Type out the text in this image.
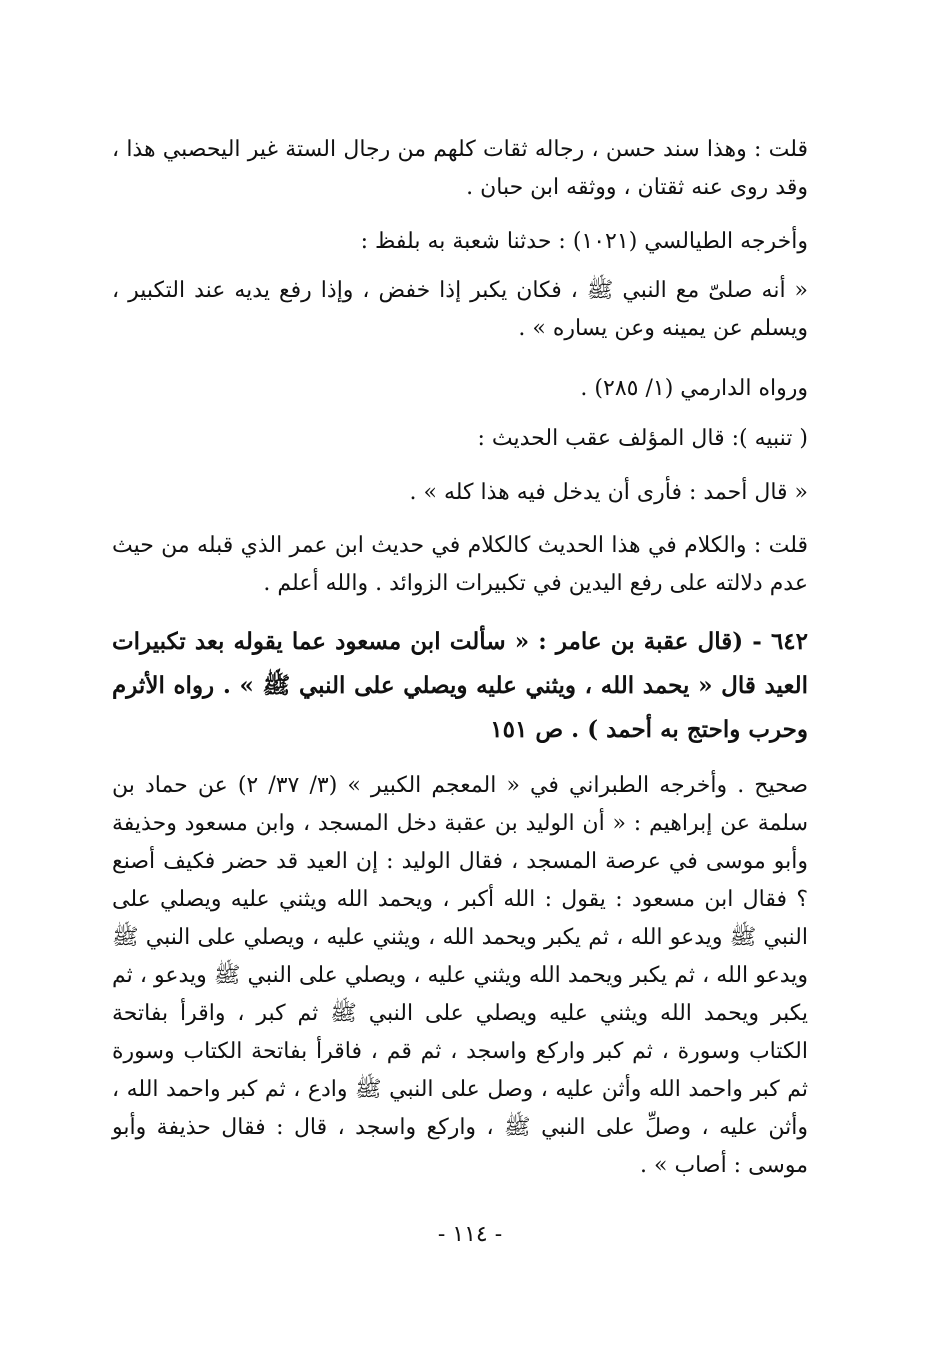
قلت : وهذا سند حسن ، رجاله ثقات كلهم من رجال الستة غير اليحصبي هذا ، وقد روى عنه ثقتان ، ووثقه ابن حبان .

وأخرجه الطيالسي (١٠٢١) : حدثنا شعبة به بلفظ :

« أنه صلىّ مع النبي ﷺ ، فكان يكبر إذا خفض ، وإذا رفع يديه عند التكبير ، ويسلم عن يمينه وعن يساره » .

ورواه الدارمي (١/ ٢٨٥) .

( تنبيه ): قال المؤلف عقب الحديث :

« قال أحمد : فأرى أن يدخل فيه هذا كله » .

قلت : والكلام في هذا الحديث كالكلام في حديث ابن عمر الذي قبله من حيث عدم دلالته على رفع اليدين في تكبيرات الزوائد . والله أعلم .

٦٤٢ - (قال عقبة بن عامر : « سألت ابن مسعود عما يقوله بعد تكبيرات العيد قال « يحمد الله ، ويثني عليه ويصلي على النبي ﷺ » . رواه الأثرم وحرب واحتج به أحمد ) . ص ١٥١

صحيح . وأخرجه الطبراني في « المعجم الكبير » (٣/ ٣٧/ ٢) عن حماد بن سلمة عن إبراهيم : « أن الوليد بن عقبة دخل المسجد ، وابن مسعود وحذيفة وأبو موسى في عرصة المسجد ، فقال الوليد : إن العيد قد حضر فكيف أصنع ؟ فقال ابن مسعود : يقول : الله أكبر ، ويحمد الله ويثني عليه ويصلي على النبي ﷺ ويدعو الله ، ثم يكبر ويحمد الله ، ويثني عليه ، ويصلي على النبي ﷺ ويدعو الله ، ثم يكبر ويحمد الله ويثني عليه ، ويصلي على النبي ﷺ ويدعو ، ثم يكبر ويحمد الله ويثني عليه ويصلي على النبي ﷺ ثم كبر ، واقرأ بفاتحة الكتاب وسورة ، ثم كبر واركع واسجد ، ثم قم ، فاقرأ بفاتحة الكتاب وسورة ثم كبر واحمد الله وأثن عليه ، وصل على النبي ﷺ وادع ، ثم كبر واحمد الله ، وأثن عليه ، وصلِّ على النبي ﷺ ، واركع واسجد ، قال : فقال حذيفة وأبو موسى : أصاب » .

- ١١٤ -
